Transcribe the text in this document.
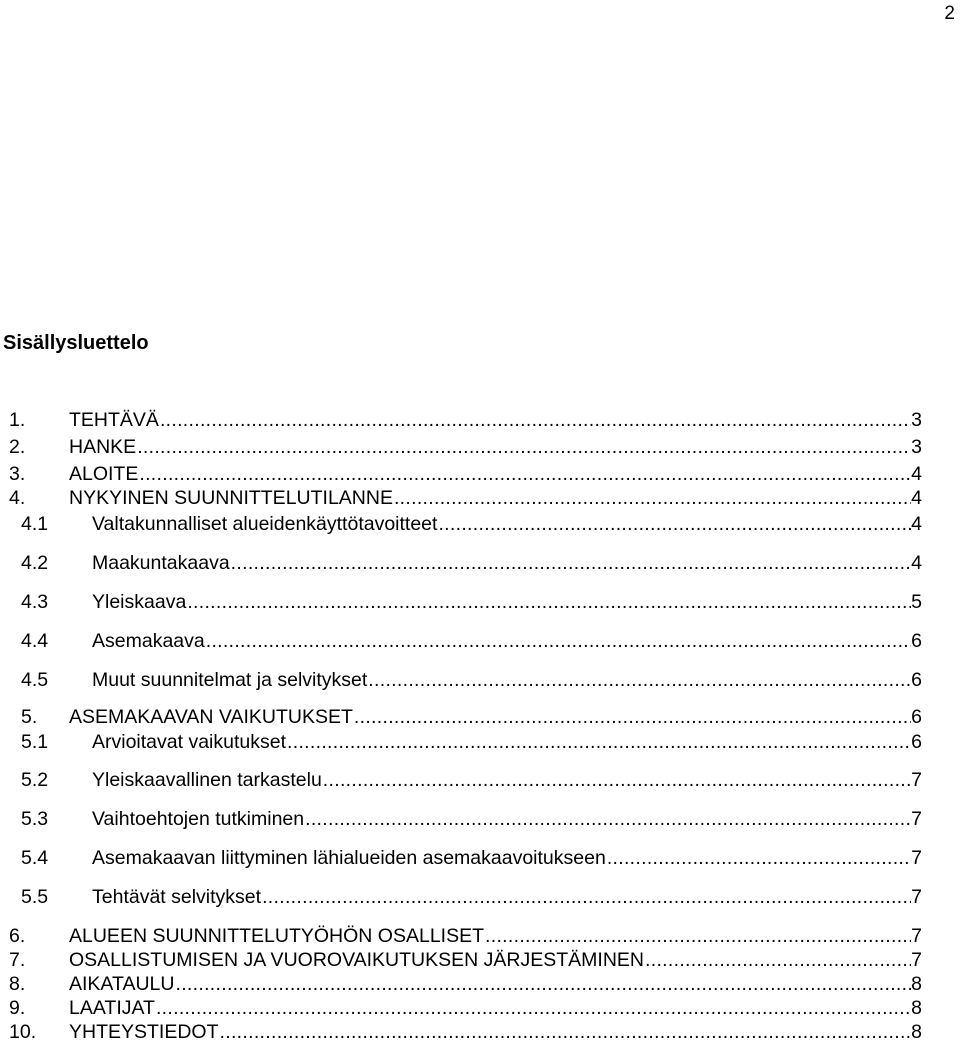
2
Sisällysluettelo
1.	TEHTÄVÄ .....	3
2.	HANKE .....	3
3.	ALOITE .....	4
4.	NYKYINEN SUUNNITTELUTILANNE .....	4
4.1	Valtakunnalliset alueidenkäyttötavoitteet .....	4
4.2	Maakuntakaava .....	4
4.3	Yleiskaava .....	5
4.4	Asemakaava .....	6
4.5	Muut suunnitelmat ja selvitykset .....	6
5.	ASEMAKAAVAN VAIKUTUKSET .....	6
5.1	Arvioitavat vaikutukset .....	6
5.2	Yleiskaavallinen tarkastelu .....	7
5.3	Vaihtoehtojen tutkiminen .....	7
5.4	Asemakaavan liittyminen lähialueiden asemakaavoitukseen .....	7
5.5	Tehtävät selvitykset .....	7
6.	ALUEEN SUUNNITTELUTYÖHÖN OSALLISET .....	7
7.	OSALLISTUMISEN JA VUOROVAIKUTUKSEN JÄRJESTÄMINEN .....	7
8.	AIKATAULU .....	8
9.	LAATIJAT .....	8
10.	YHTEYSTIEDOT .....	8
